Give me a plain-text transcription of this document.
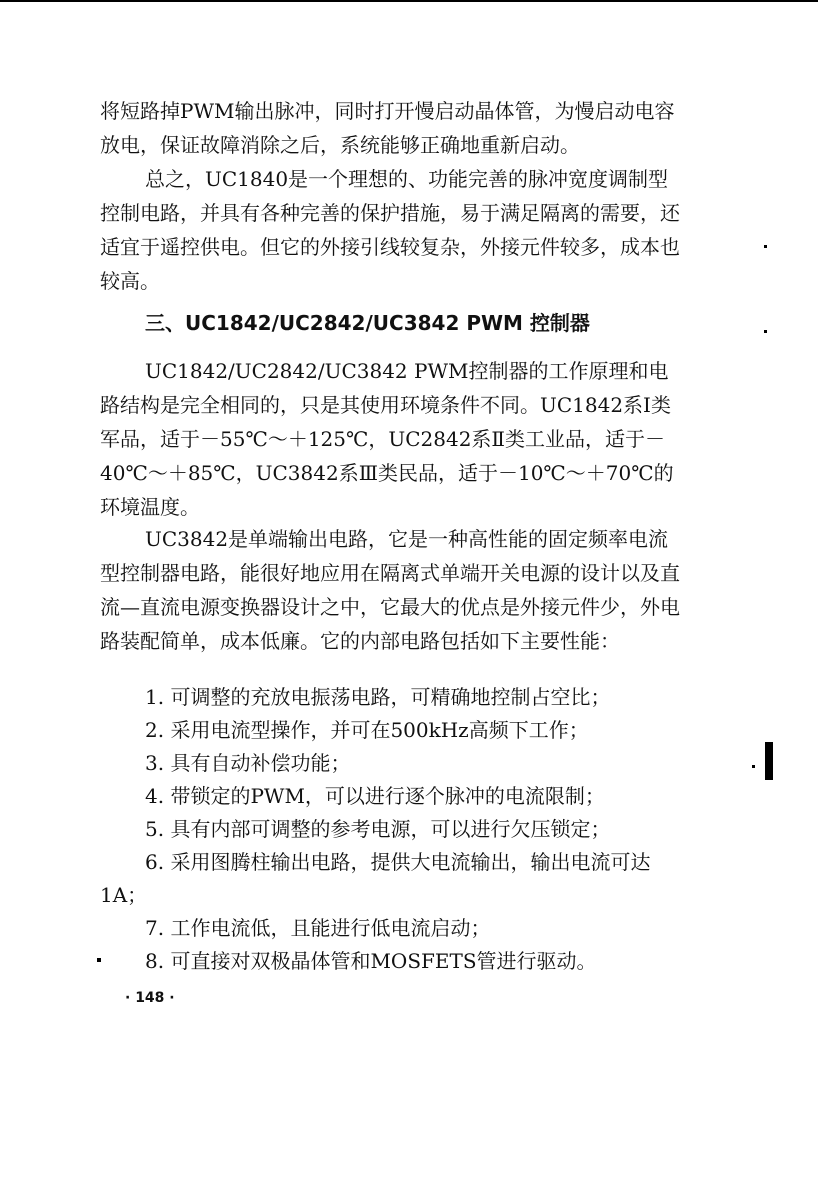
将短路掉PWM输出脉冲，同时打开慢启动晶体管，为慢启动电容放电，保证故障消除之后，系统能够正确地重新启动。

总之，UC1840是一个理想的、功能完善的脉冲宽度调制型控制电路，并具有各种完善的保护措施，易于满足隔离的需要，还适宜于遥控供电。但它的外接引线较复杂，外接元件较多，成本也较高。

三、UC1842/UC2842/UC3842 PWM 控制器

UC1842/UC2842/UC3842 PWM控制器的工作原理和电路结构是完全相同的，只是其使用环境条件不同。UC1842系Ⅰ类军品，适于－55℃～＋125℃，UC2842系Ⅱ类工业品，适于－40℃～＋85℃，UC3842系Ⅲ类民品，适于－10℃～＋70℃的环境温度。

UC3842是单端输出电路，它是一种高性能的固定频率电流型控制器电路，能很好地应用在隔离式单端开关电源的设计以及直流—直流电源变换器设计之中，它最大的优点是外接元件少，外电路装配简单，成本低廉。它的内部电路包括如下主要性能：

1. 可调整的充放电振荡电路，可精确地控制占空比；
2. 采用电流型操作，并可在500kHz高频下工作；
3. 具有自动补偿功能；
4. 带锁定的PWM，可以进行逐个脉冲的电流限制；
5. 具有内部可调整的参考电源，可以进行欠压锁定；
6. 采用图腾柱输出电路，提供大电流输出，输出电流可达1A；
7. 工作电流低，且能进行低电流启动；
8. 可直接对双极晶体管和MOSFETS管进行驱动。
· 148 ·
